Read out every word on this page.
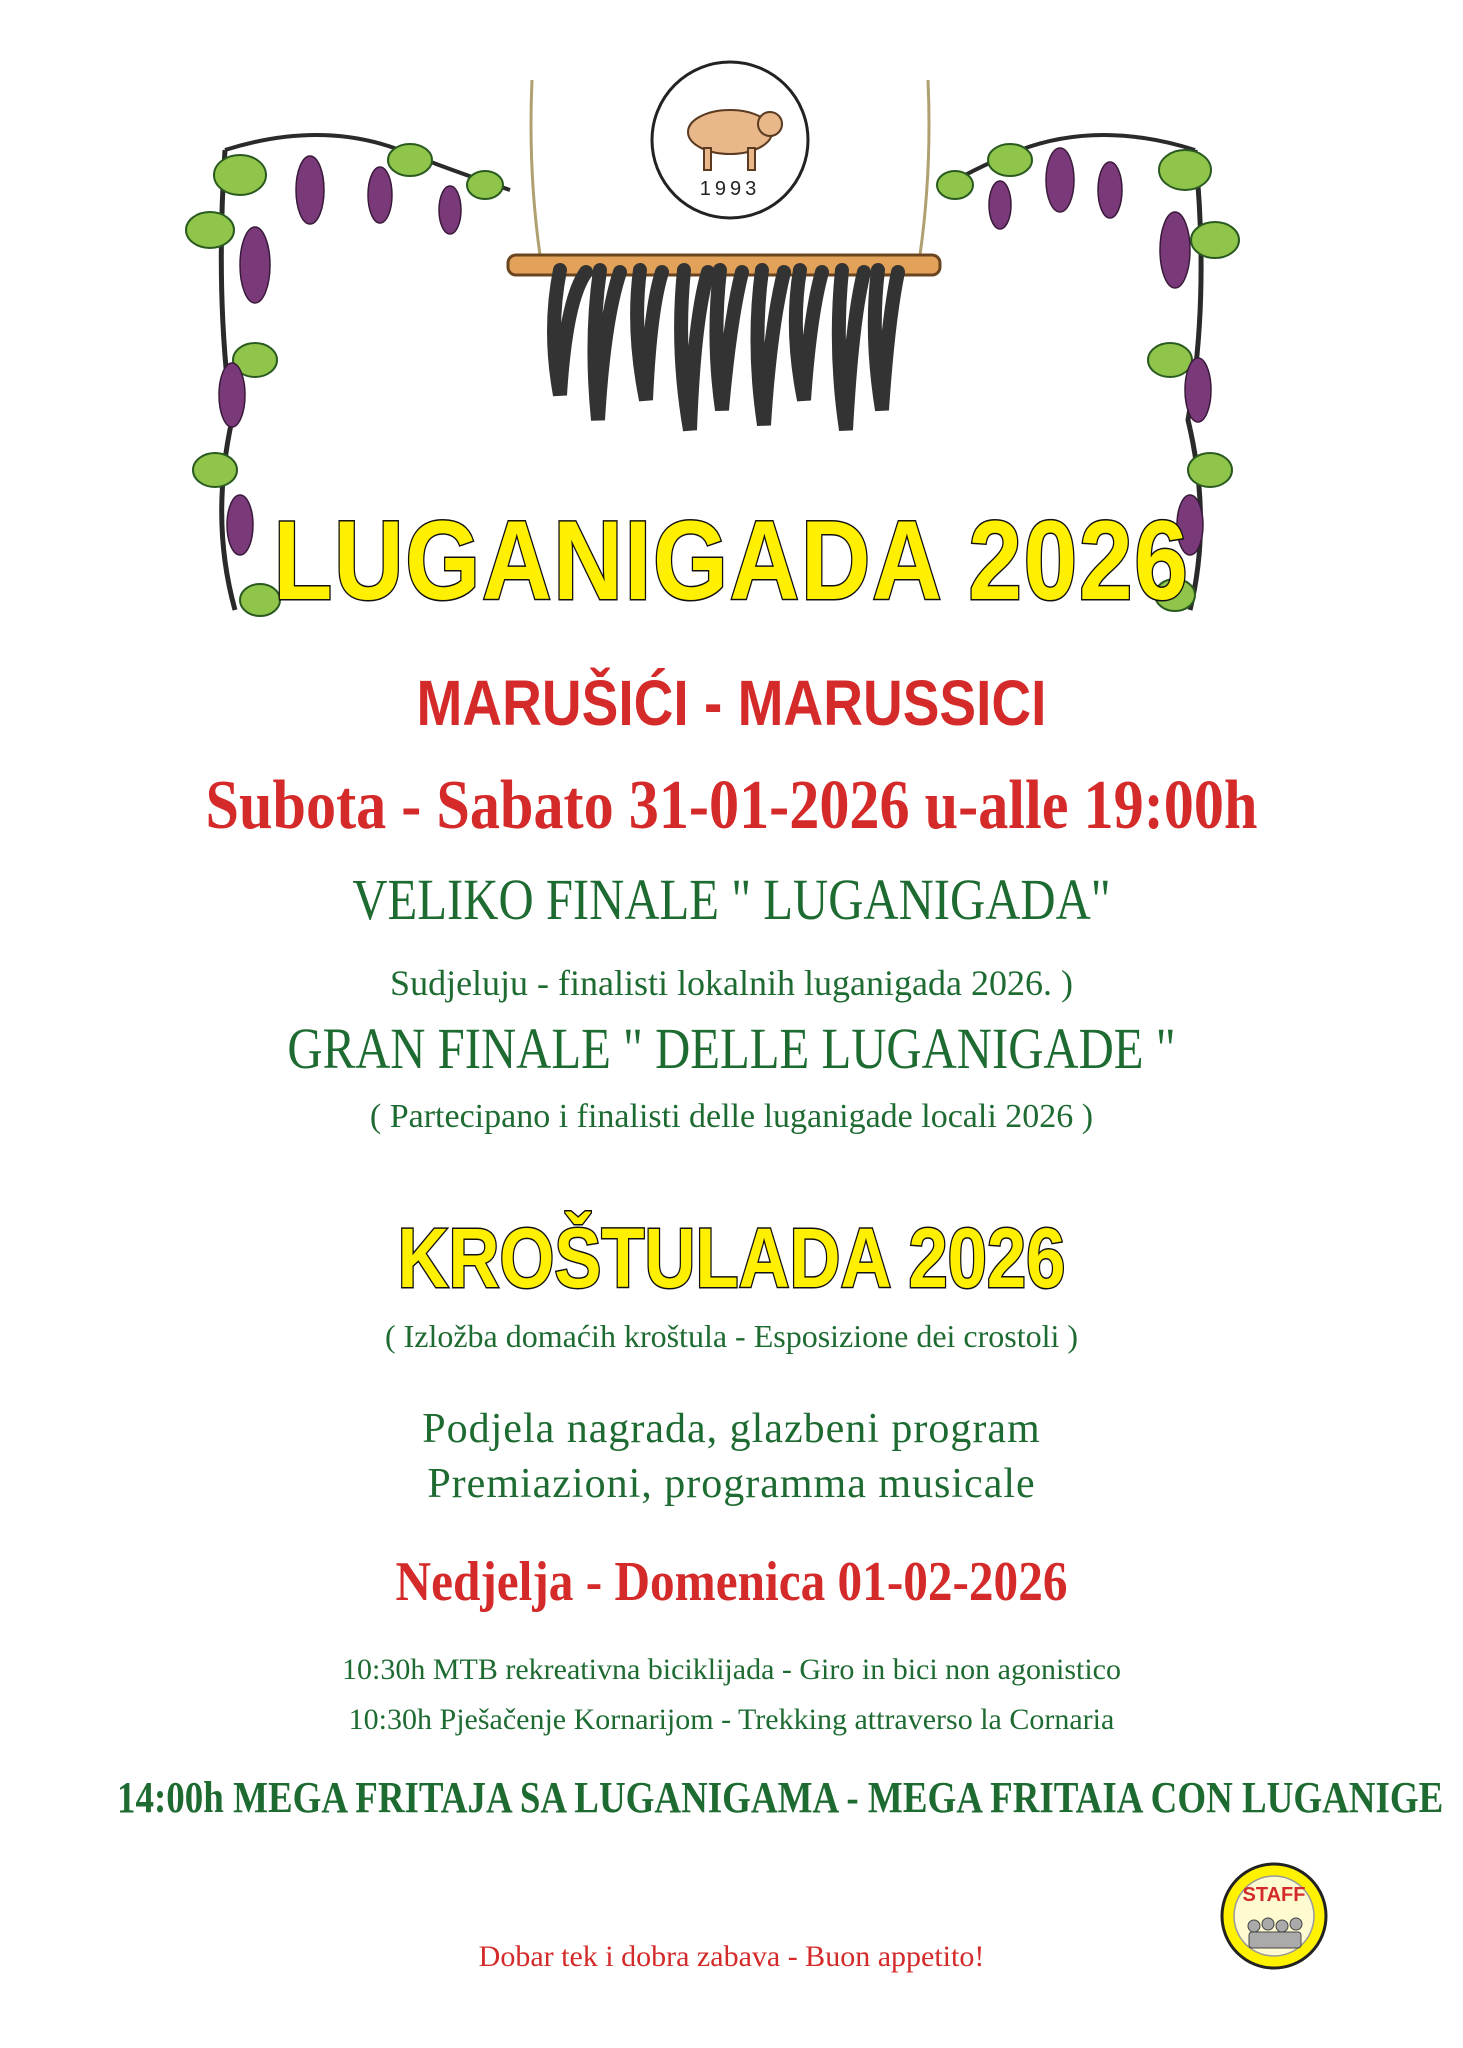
1993
LUGANIGADA 2026
MARUŠIĆI - MARUSSICI
Subota - Sabato 31-01-2026 u-alle 19:00h
VELIKO FINALE " LUGANIGADA"
Sudjeluju - finalisti lokalnih luganigada 2026. )
GRAN FINALE " DELLE LUGANIGADE "
( Partecipano i finalisti delle luganigade locali 2026 )
KROŠTULADA 2026
( Izložba domaćih kroštula - Esposizione dei crostoli )
Podjela nagrada, glazbeni program
Premiazioni, programma musicale
Nedjelja - Domenica 01-02-2026
10:30h MTB rekreativna biciklijada - Giro in bici non agonistico
10:30h Pješačenje Kornarijom - Trekking attraverso la Cornaria
14:00h MEGA FRITAJA SA LUGANIGAMA - MEGA FRITAIA CON LUGANIGE
Dobar tek i dobra zabava - Buon appetito!
STAFF
